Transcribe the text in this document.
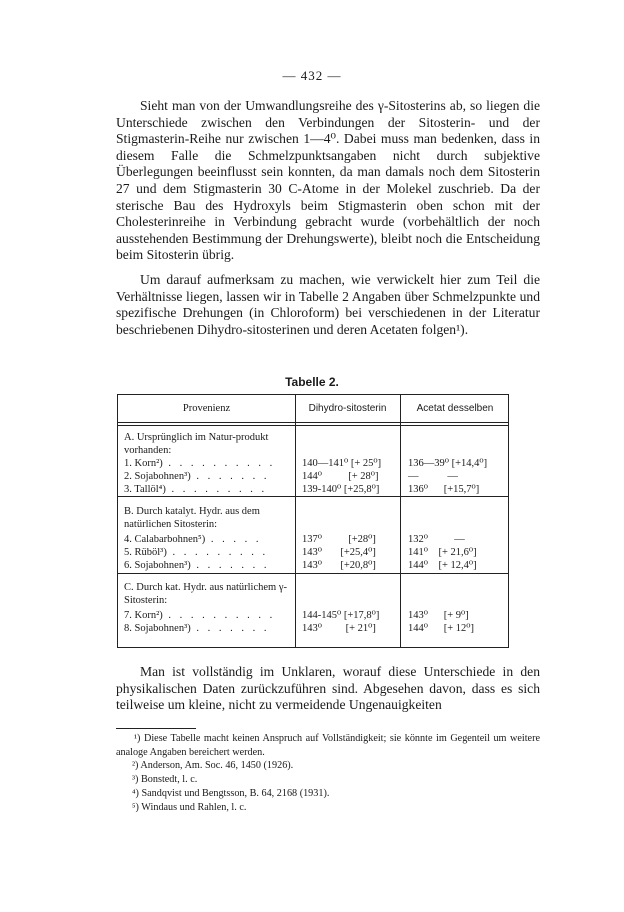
— 432 —

Sieht man von der Umwandlungsreihe des γ-Sitosterins ab, so liegen die Unterschiede zwischen den Verbindungen der Sitosterin- und der Stigmasterin-Reihe nur zwischen 1—4⁰. Dabei muss man bedenken, dass in diesem Falle die Schmelzpunktsangaben nicht durch subjektive Überlegungen beeinflusst sein konnten, da man damals noch dem Sitosterin 27 und dem Stigmasterin 30 C-Atome in der Molekel zuschrieb. Da der sterische Bau des Hydroxyls beim Stigmasterin oben schon mit der Cholesterinreihe in Verbindung gebracht wurde (vorbehältlich der noch ausstehenden Bestimmung der Drehungswerte), bleibt noch die Entscheidung beim Sitosterin übrig.

Um darauf aufmerksam zu machen, wie verwickelt hier zum Teil die Verhältnisse liegen, lassen wir in Tabelle 2 Angaben über Schmelzpunkte und spezifische Drehungen (in Chloroform) bei verschiedenen in der Literatur beschriebenen Dihydro-sitosterinen und deren Acetaten folgen¹).

Tabelle 2.
Provenienz	Dihydro-sitosterin	Acetat desselben
A. Ursprünglich im Natur-produkt vorhanden:
1. Korn²) . . . . . . . . . .	140—141⁰ [+ 25⁰]	136—39⁰ [+14,4⁰]
2. Sojabohnen³) . . . . . . .	144⁰          [+ 28⁰]	—           —
3. Tallöl⁴) . . . . . . . . .	139-140⁰ [+25,8⁰]	136⁰      [+15,7⁰]
B. Durch katalyt. Hydr. aus dem natürlichen Sitosterin:
4. Calabarbohnen⁵) . . . . .	137⁰          [+28⁰]	132⁰          —
5. Rüböl³) . . . . . . . . .	143⁰       [+25,4⁰]	141⁰    [+ 21,6⁰]
6. Sojabohnen³) . . . . . . .	143⁰       [+20,8⁰]	144⁰    [+ 12,4⁰]
C. Durch kat. Hydr. aus natürlichem γ-Sitosterin:
7. Korn²) . . . . . . . . . .	144-145⁰ [+17,8⁰]	143⁰      [+ 9⁰]
8. Sojabohnen³) . . . . . . .	143⁰         [+ 21⁰]	144⁰      [+ 12⁰]

Man ist vollständig im Unklaren, worauf diese Unterschiede in den physikalischen Daten zurückzuführen sind. Abgesehen davon, dass es sich teilweise um kleine, nicht zu vermeidende Ungenauigkeiten

¹) Diese Tabelle macht keinen Anspruch auf Vollständigkeit; sie könnte im Gegenteil um weitere analoge Angaben bereichert werden.

²) Anderson, Am. Soc. 46, 1450 (1926).

³) Bonstedt, l. c.

⁴) Sandqvist und Bengtsson, B. 64, 2168 (1931).

⁵) Windaus und Rahlen, l. c.
